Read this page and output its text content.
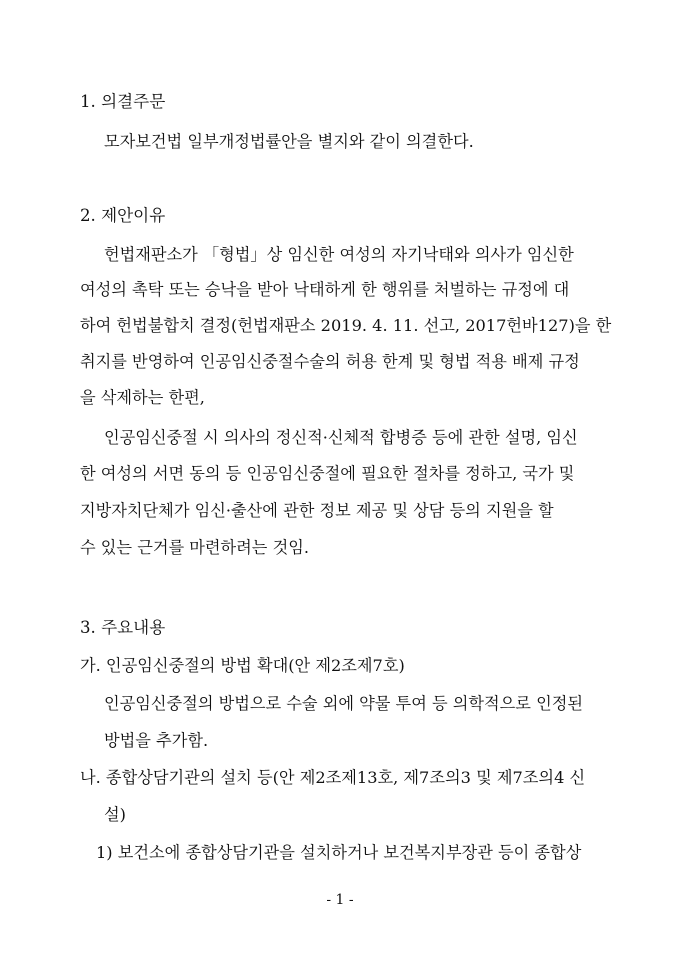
1. 의결주문
모자보건법 일부개정법률안을 별지와 같이 의결한다.
2. 제안이유
헌법재판소가 「형법」상 임신한 여성의 자기낙태와 의사가 임신한
여성의 촉탁 또는 승낙을 받아 낙태하게 한 행위를 처벌하는 규정에 대
하여 헌법불합치 결정(헌법재판소 2019. 4. 11. 선고, 2017헌바127)을 한
취지를 반영하여 인공임신중절수술의 허용 한계 및 형법 적용 배제 규정
을 삭제하는 한편,
인공임신중절 시 의사의 정신적·신체적 합병증 등에 관한 설명, 임신
한 여성의 서면 동의 등 인공임신중절에 필요한 절차를 정하고, 국가 및
지방자치단체가 임신·출산에 관한 정보 제공 및 상담 등의 지원을 할
수 있는 근거를 마련하려는 것임.
3. 주요내용
가. 인공임신중절의 방법 확대(안 제2조제7호)
인공임신중절의 방법으로 수술 외에 약물 투여 등 의학적으로 인정된
방법을 추가함.
나. 종합상담기관의 설치 등(안 제2조제13호, 제7조의3 및 제7조의4 신
설)
1) 보건소에 종합상담기관을 설치하거나 보건복지부장관 등이 종합상
- 1 -
